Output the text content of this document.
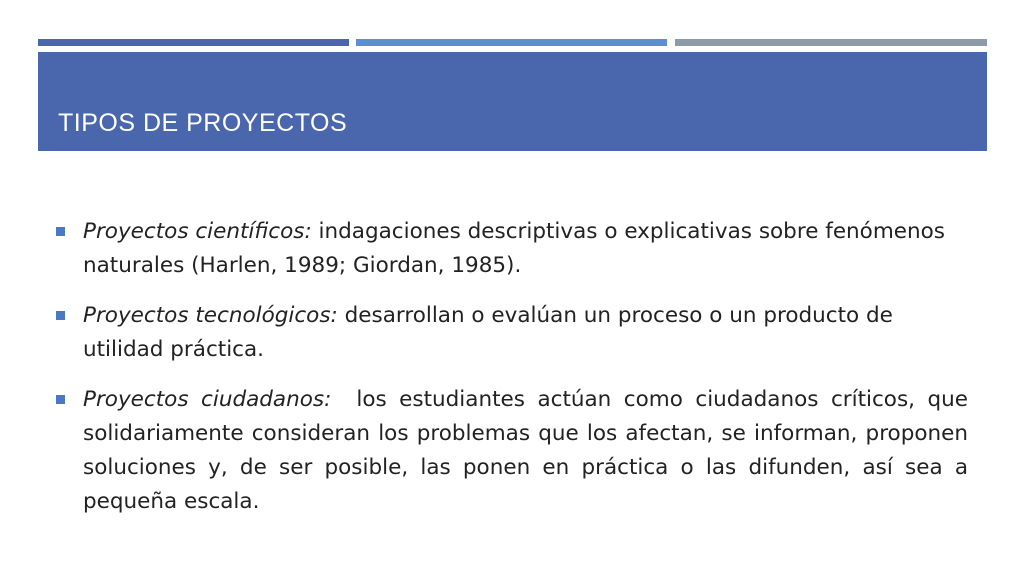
TIPOS DE PROYECTOS
Proyectos científicos: indagaciones descriptivas o explicativas sobre fenómenos naturales (Harlen, 1989; Giordan, 1985).
Proyectos tecnológicos: desarrollan o evalúan un proceso o un producto de utilidad práctica.
Proyectos ciudadanos:  los estudiantes actúan como ciudadanos críticos, que solidariamente consideran los problemas que los afectan, se informan, proponen soluciones y, de ser posible, las ponen en práctica o las difunden, así sea a pequeña escala.
